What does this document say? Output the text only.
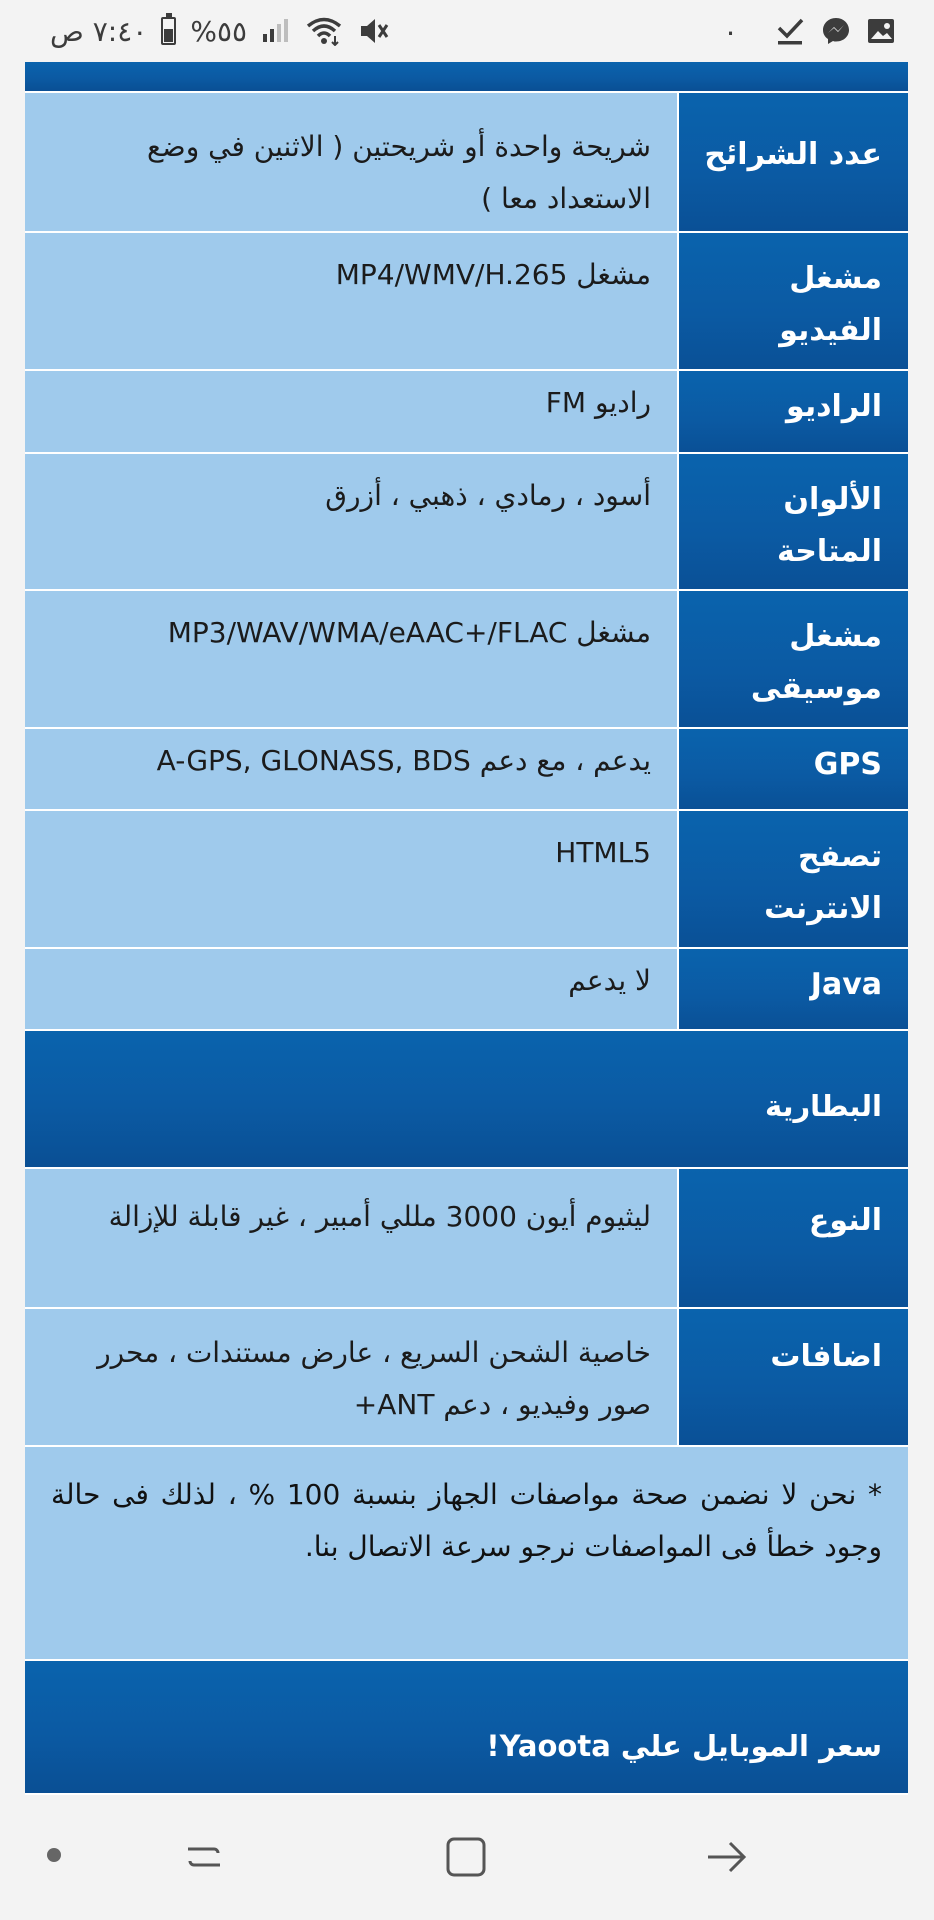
٧:٤٠ ص %٥٥	٠
عدد الشرائح
شريحة واحدة أو شريحتين ( الاثنين في وضع الاستعداد معا )
مشغل الفيديو
مشغل MP4/WMV/H.265
الراديو
راديو FM
الألوان المتاحة
أسود ، رمادي ، ذهبي ، أزرق
مشغل موسيقى
مشغل MP3/WAV/WMA/eAAC+/FLAC
GPS
يدعم ، مع دعم A-GPS, GLONASS, BDS
تصفح الانترنت
HTML5
Java
لا يدعم
البطارية
النوع
ليثيوم أيون 3000 مللي أمبير ، غير قابلة للإزالة
اضافات
خاصية الشحن السريع ، عارض مستندات ، محرر صور وفيديو ، دعم ANT+
* نحن لا نضمن صحة مواصفات الجهاز بنسبة 100 % ، لذلك فى حالة وجود خطأ فى المواصفات نرجو سرعة الاتصال بنا.
سعر الموبايل علي Yaoota!
